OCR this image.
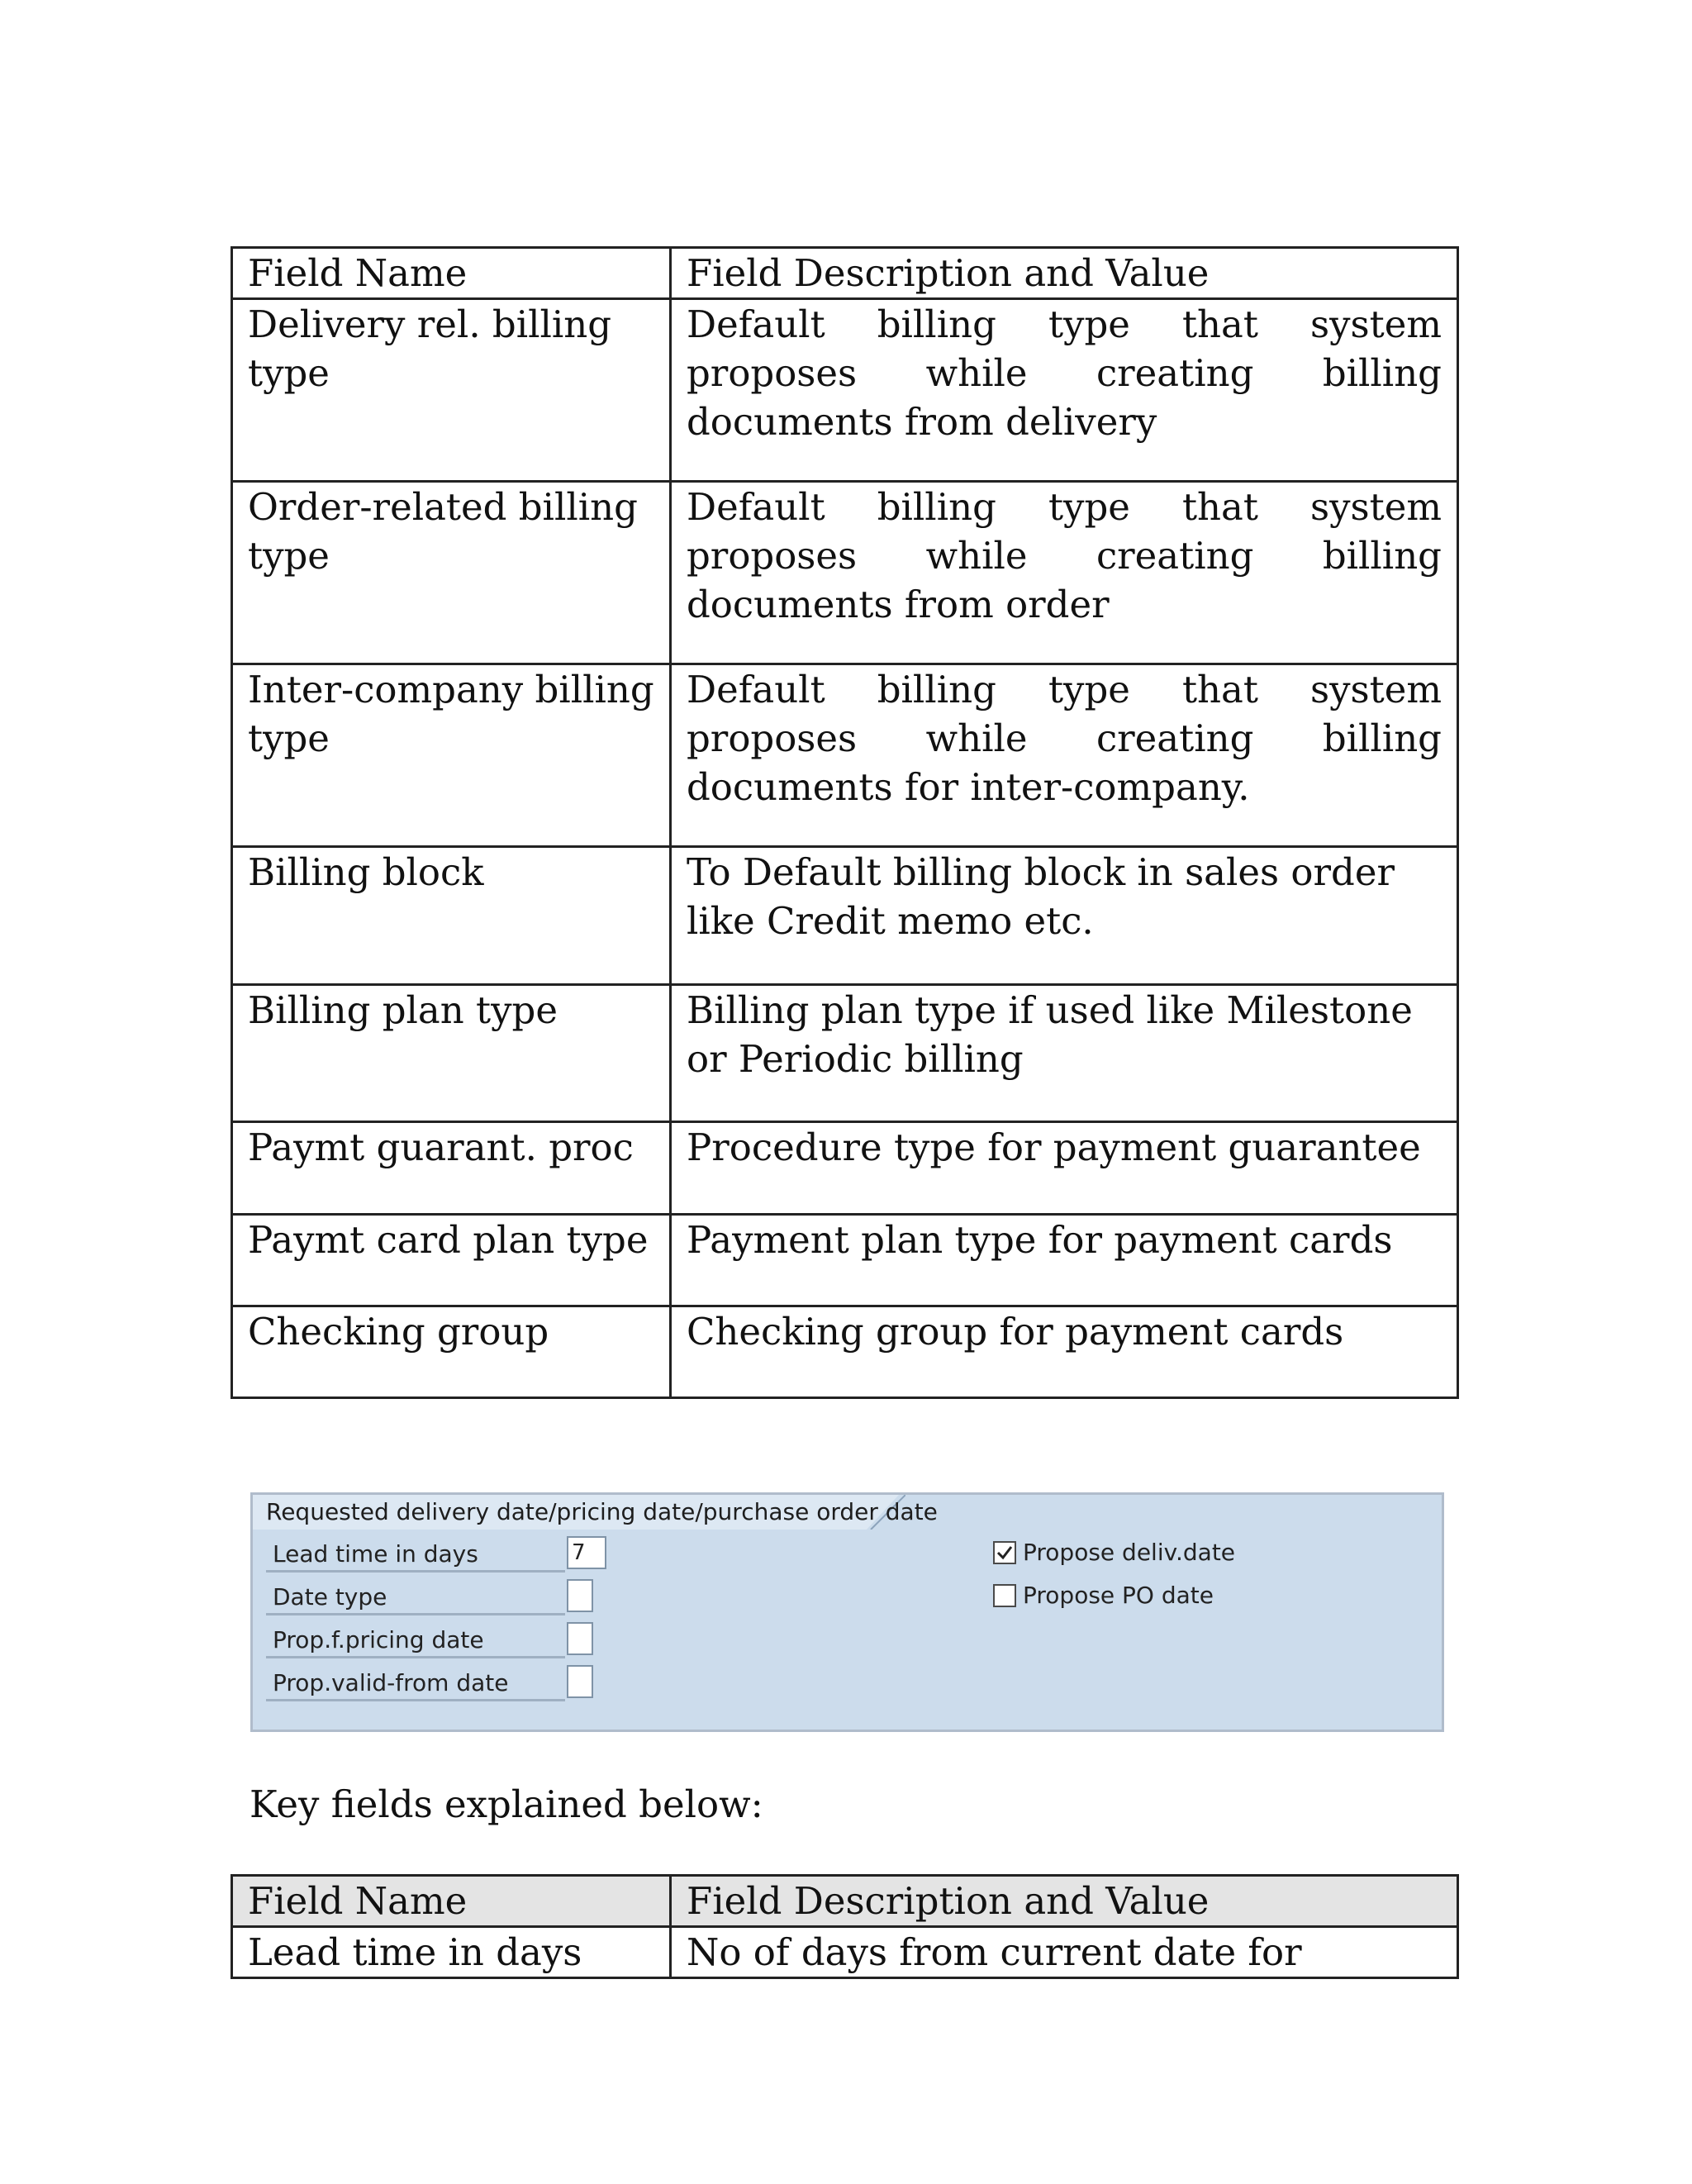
Field Name	Field Description and Value
Delivery rel. billing type	Default billing type that system proposes while creating billing documents from delivery
Order-related billing type	Default billing type that system proposes while creating billing documents from order
Inter-company billing type	Default billing type that system proposes while creating billing documents for inter-company.
Billing block	To Default billing block in sales order like Credit memo etc.
Billing plan type	Billing plan type if used like Milestone or Periodic billing
Paymt guarant. proc	Procedure type for payment guarantee
Paymt card plan type	Payment plan type for payment cards
Checking group	Checking group for payment cards
Requested delivery date/pricing date/purchase order date
Lead time in days	7
Date type
Prop.f.pricing date
Prop.valid-from date
Propose deliv.date
Propose PO date
Key fields explained below:
Field Name	Field Description and Value
Lead time in days	No of days from current date for
